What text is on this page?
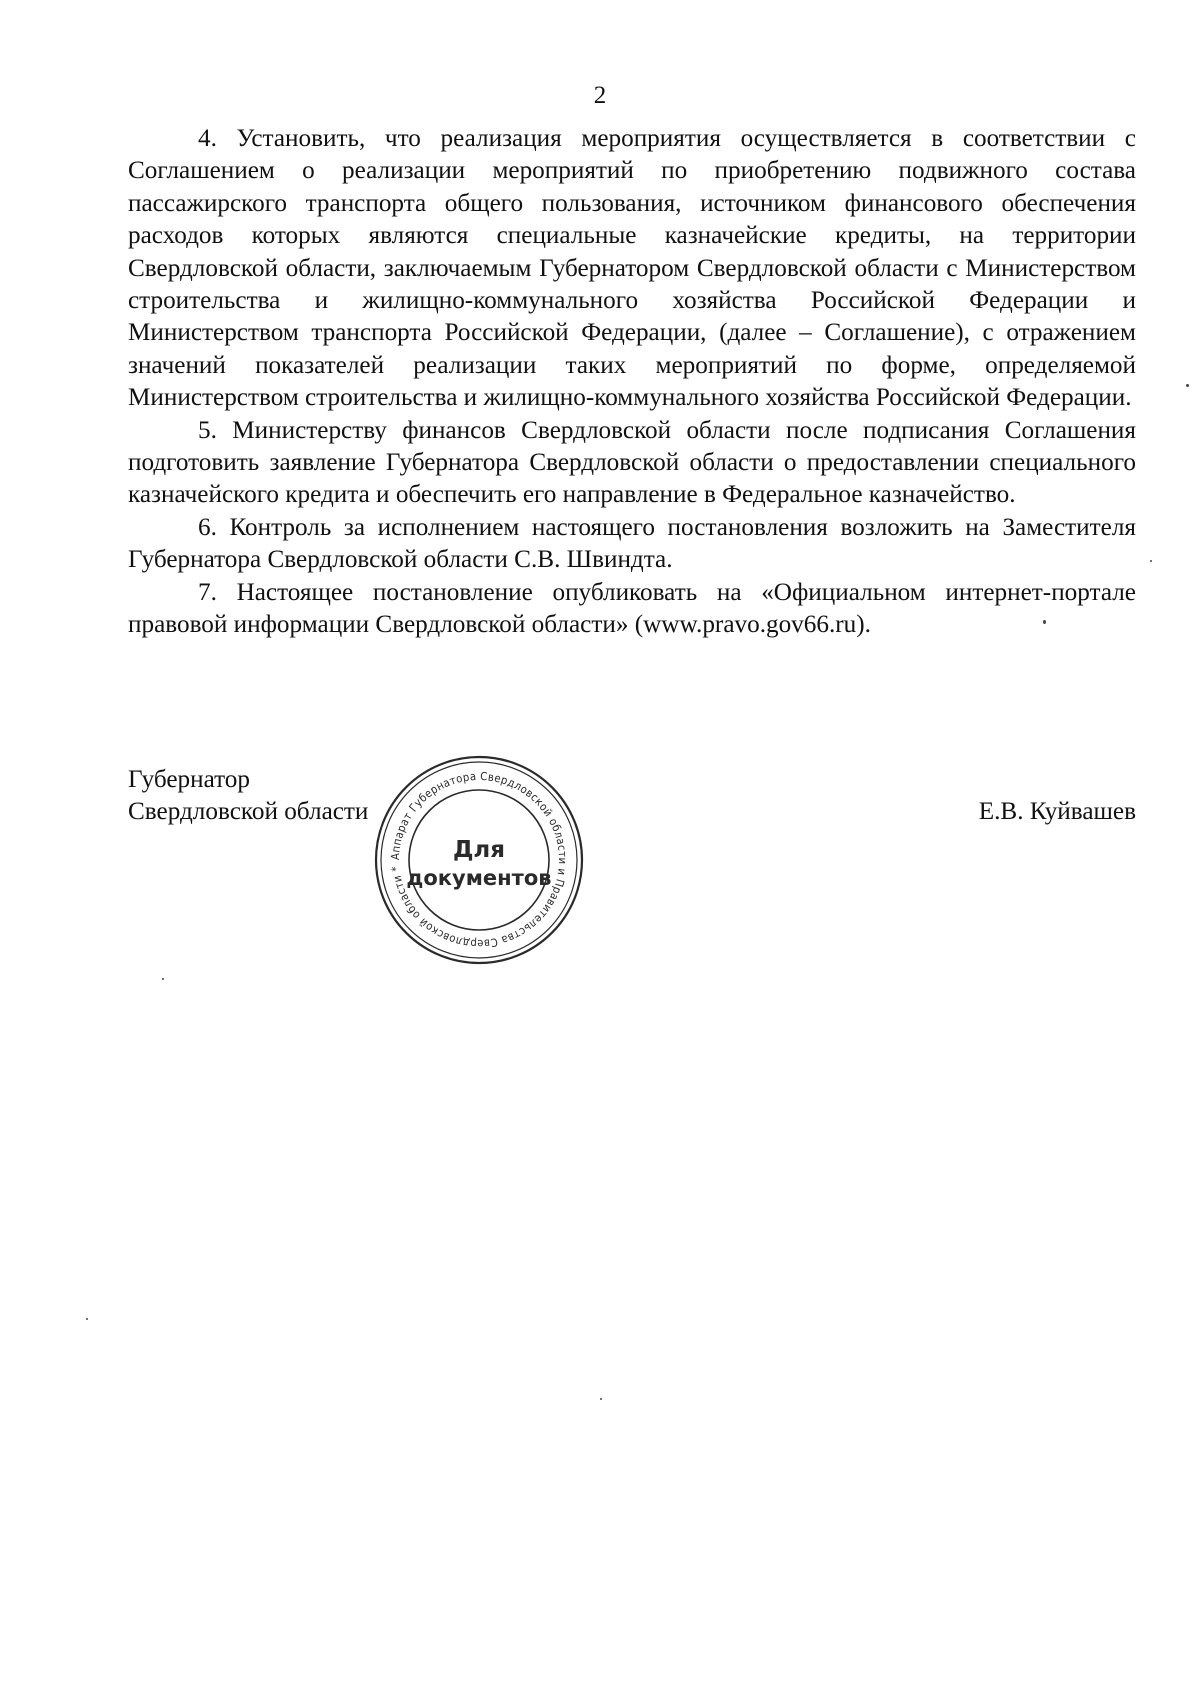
2

4. Установить, что реализация мероприятия осуществляется в соответствии с Соглашением о реализации мероприятий по приобретению подвижного состава пассажирского транспорта общего пользования, источником финансового обеспечения расходов которых являются специальные казначейские кредиты, на территории Свердловской области, заключаемым Губернатором Свердловской области с Министерством строительства и жилищно-коммунального хозяйства Российской Федерации и Министерством транспорта Российской Федерации, (далее – Соглашение), с отражением значений показателей реализации таких мероприятий по форме, определяемой Министерством строительства и жилищно-коммунального хозяйства Российской Федерации.

5. Министерству финансов Свердловской области после подписания Соглашения подготовить заявление Губернатора Свердловской области о предоставлении специального казначейского кредита и обеспечить его направление в Федеральное казначейство.

6. Контроль за исполнением настоящего постановления возложить на Заместителя Губернатора Свердловской области С.В. Швиндта.

7. Настоящее постановление опубликовать на «Официальном интернет-портале правовой информации Свердловской области» (www.pravo.gov66.ru).

Губернатор
Свердловской области	Е.В. Куйвашев
Аппарат Губернатора Свердловской области и Правительства Свердловской области *
Для
документов
